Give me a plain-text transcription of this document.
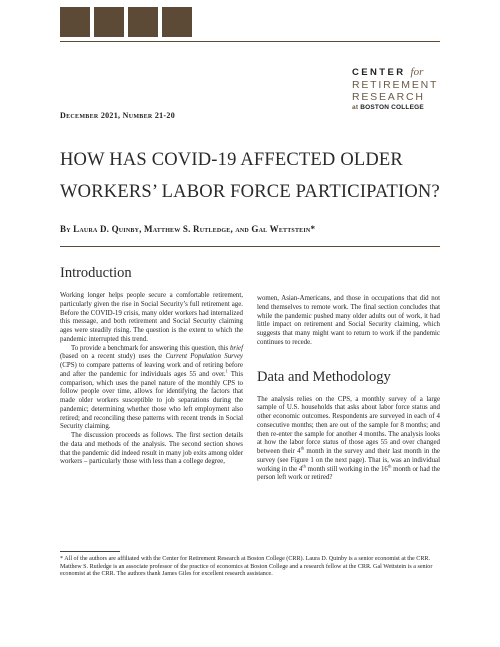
CENTER for
RETIREMENT
RESEARCH
at BOSTON COLLEGE
December 2021, Number 21-20
HOW HAS COVID-19 AFFECTED OLDER
WORKERS’ LABOR FORCE PARTICIPATION?
By Laura D. Quinby, Matthew S. Rutledge, and Gal Wettstein*
Introduction

Working longer helps people secure a comfortable retirement, particularly given the rise in Social Security’s full retirement age. Before the COVID-19 crisis, many older workers had internalized this message, and both retirement and Social Security claiming ages were steadily rising. The question is the extent to which the pandemic interrupted this trend.

To provide a benchmark for answering this question, this brief (based on a recent study) uses the Current Population Survey (CPS) to compare patterns of leaving work and of retiring before and after the pandemic for individuals ages 55 and over.$^1$ This comparison, which uses the panel nature of the monthly CPS to follow people over time, allows for identifying the factors that made older workers susceptible to job separations during the pandemic; determining whether those who left employment also retired; and reconciling these patterns with recent trends in Social Security claiming.

The discussion proceeds as follows. The first section details the data and methods of the analysis. The second section shows that the pandemic did indeed result in many job exits among older workers – particularly those with less than a college degree,

women, Asian-Americans, and those in occupations that did not lend themselves to remote work. The final section concludes that while the pandemic pushed many older adults out of work, it had little impact on retirement and Social Security claiming, which suggests that many might want to return to work if the pandemic continues to recede.

Data and Methodology

The analysis relies on the CPS, a monthly survey of a large sample of U.S. households that asks about labor force status and other economic outcomes. Respondents are surveyed in each of 4 consecutive months; then are out of the sample for 8 months; and then re-enter the sample for another 4 months. The analysis looks at how the labor force status of those ages 55 and over changed between their 4th month in the survey and their last month in the survey (see Figure 1 on the next page). That is, was an individual working in the 4th month still working in the 16th month or had the person left work or retired?

* All of the authors are affiliated with the Center for Retirement Research at Boston College (CRR). Laura D. Quinby is a senior economist at the CRR. Matthew S. Rutledge is an associate professor of the practice of economics at Boston College and a research fellow at the CRR. Gal Wettstein is a senior economist at the CRR. The authors thank James Giles for excellent research assistance.
